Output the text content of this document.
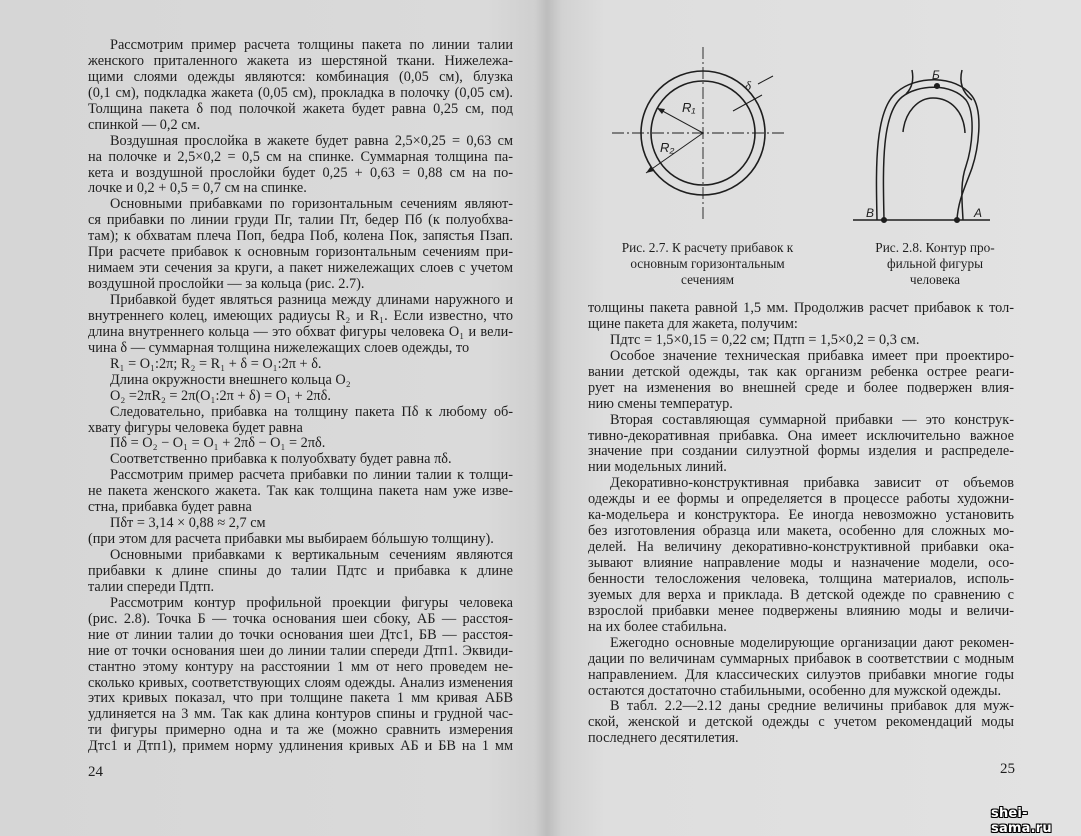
Рассмотрим пример расчета толщины пакета по линии талии
женского приталенного жакета из шерстяной ткани. Нижележа-
щими слоями одежды являются: комбинация (0,05 см), блузка
(0,1 см), подкладка жакета (0,05 см), прокладка в полочку (0,05 см).
Толщина пакета δ под полочкой жакета будет равна 0,25 см, под
спинкой — 0,2 см.
Воздушная прослойка в жакете будет равна 2,5×0,25 = 0,63 см
на полочке и 2,5×0,2 = 0,5 см на спинке. Суммарная толщина па-
кета и воздушной прослойки будет 0,25 + 0,63 = 0,88 см на по-
лочке и 0,2 + 0,5 = 0,7 см на спинке.
Основными прибавками по горизонтальным сечениям являют-
ся прибавки по линии груди Пг, талии Пт, бедер Пб (к полуобхва-
там); к обхватам плеча Поп, бедра Поб, колена Пок, запястья Пзап.
При расчете прибавок к основным горизонтальным сечениям при-
нимаем эти сечения за круги, а пакет нижележащих слоев с учетом
воздушной прослойки — за кольца (рис. 2.7).
Прибавкой будет являться разница между длинами наружного и
внутреннего колец, имеющих радиусы R₂ и R₁. Если известно, что
длина внутреннего кольца — это обхват фигуры человека O₁ и вели-
чина δ — суммарная толщина нижележащих слоев одежды, то
R₁ = O₁:2π; R₂ = R₁ + δ = O₁:2π + δ.
Длина окружности внешнего кольца O₂
O₂ =2πR₂ = 2π(O₁:2π + δ) = O₁ + 2πδ.
Следовательно, прибавка на толщину пакета Пδ к любому об-
хвату фигуры человека будет равна
Пδ = O₂ − O₁ = O₁ + 2πδ − O₁ = 2πδ.
Соответственно прибавка к полуобхвату будет равна πδ.
Рассмотрим пример расчета прибавки по линии талии к толщи-
не пакета женского жакета. Так как толщина пакета нам уже изве-
стна, прибавка будет равна
Пδт = 3,14 × 0,88 ≈ 2,7 см
(при этом для расчета прибавки мы выбираем бóльшую толщину).
Основными прибавками к вертикальным сечениям являются
прибавки к длине спины до талии Пдтс и прибавка к длине
талии спереди Пдтп.
Рассмотрим контур профильной проекции фигуры человека
(рис. 2.8). Точка Б — точка основания шеи сбоку, АБ — расстоя-
ние от линии талии до точки основания шеи Дтс1, БВ — расстоя-
ние от точки основания шеи до линии талии спереди Дтп1. Эквиди-
стантно этому контуру на расстоянии 1 мм от него проведем не-
сколько кривых, соответствующих слоям одежды. Анализ изменения
этих кривых показал, что при толщине пакета 1 мм кривая АБВ
удлиняется на 3 мм. Так как длина контуров спины и грудной час-
ти фигуры примерно одна и та же (можно сравнить измерения
Дтс1 и Дтп1), примем норму удлинения кривых АБ и БВ на 1 мм
24
R₁
R₂
δ
Б
В	А
Рис. 2.7. К расчету прибавок к
основным горизонтальным
сечениям
Рис. 2.8. Контур про-
фильной фигуры
человека
толщины пакета равной 1,5 мм. Продолжив расчет прибавок к тол-
щине пакета для жакета, получим:
Пдтс = 1,5×0,15 = 0,22 см; Пдтп = 1,5×0,2 = 0,3 см.
Особое значение техническая прибавка имеет при проектиро-
вании детской одежды, так как организм ребенка острее реаги-
рует на изменения во внешней среде и более подвержен влия-
нию смены температур.
Вторая составляющая суммарной прибавки — это конструк-
тивно-декоративная прибавка. Она имеет исключительно важное
значение при создании силуэтной формы изделия и распределе-
нии модельных линий.
Декоративно-конструктивная прибавка зависит от объемов
одежды и ее формы и определяется в процессе работы художни-
ка-модельера и конструктора. Ее иногда невозможно установить
без изготовления образца или макета, особенно для сложных мо-
делей. На величину декоративно-конструктивной прибавки ока-
зывают влияние направление моды и назначение модели, осо-
бенности телосложения человека, толщина материалов, исполь-
зуемых для верха и приклада. В детской одежде по сравнению с
взрослой прибавки менее подвержены влиянию моды и величи-
на их более стабильна.
Ежегодно основные моделирующие организации дают рекомен-
дации по величинам суммарных прибавок в соответствии с модным
направлением. Для классических силуэтов прибавки многие годы
остаются достаточно стабильными, особенно для мужской одежды.
В табл. 2.2—2.12 даны средние величины прибавок для муж-
ской, женской и детской одежды с учетом рекомендаций моды
последнего десятилетия.
25
shei-sama.ru
